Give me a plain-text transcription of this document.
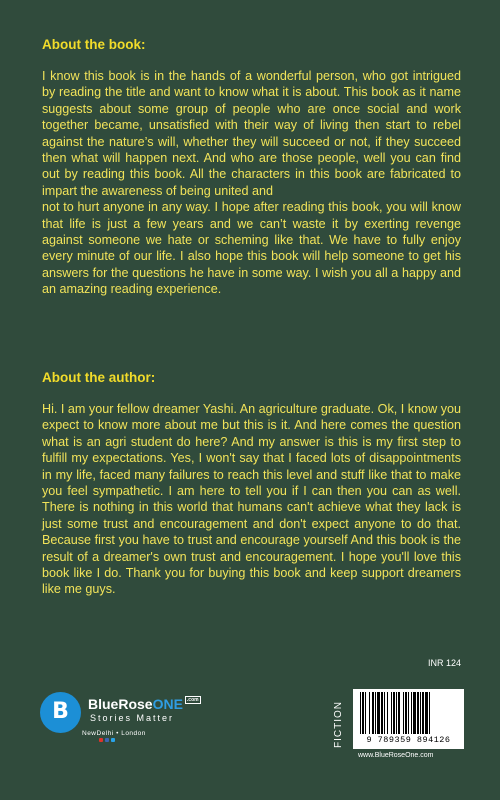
About the book:
I know this book is in the hands of a wonderful person, who got intrigued by reading the title and want to know what it is about. This book as it name suggests about some group of people who are once social and work together became, unsatisfied with their way of living then start to rebel against the nature’s will, whether they will succeed or not, if they succeed then what will happen next. And who are those people, well you can find out by reading this book. All the characters in this book are fabricated to impart the awareness of being united and
not to hurt anyone in any way. I hope after reading this book, you will know that life is just a few years and we can’t waste it by exerting revenge against someone we hate or scheming like that. We have to fully enjoy every minute of our life. I also hope this book will help someone to get his answers for the questions he have in some way. I wish you all a happy and an amazing reading experience.
About the author:
Hi. I am your fellow dreamer Yashi. An agriculture graduate. Ok, I know you expect to know more about me but this is it. And here comes the question what is an agri student do here? And my answer is this is my first step to fulfill my expectations. Yes, I won't say that I faced lots of disappointments in my life, faced many failures to reach this level and stuff like that to make you feel sympathetic. I am here to tell you if I can then you can as well. There is nothing in this world that humans can't achieve what they lack is just some trust and encouragement and don't expect anyone to do that. Because first you have to trust and encourage yourself And this book is the result of a dreamer's own trust and encouragement. I hope you'll love this book like I do. Thank you for buying this book and keep support dreamers like me guys.
B	BlueRoseONE .com
Stories Matter
NewDelhi • London
INR 124
FICTION	9 789359 894126
www.BlueRoseOne.com
